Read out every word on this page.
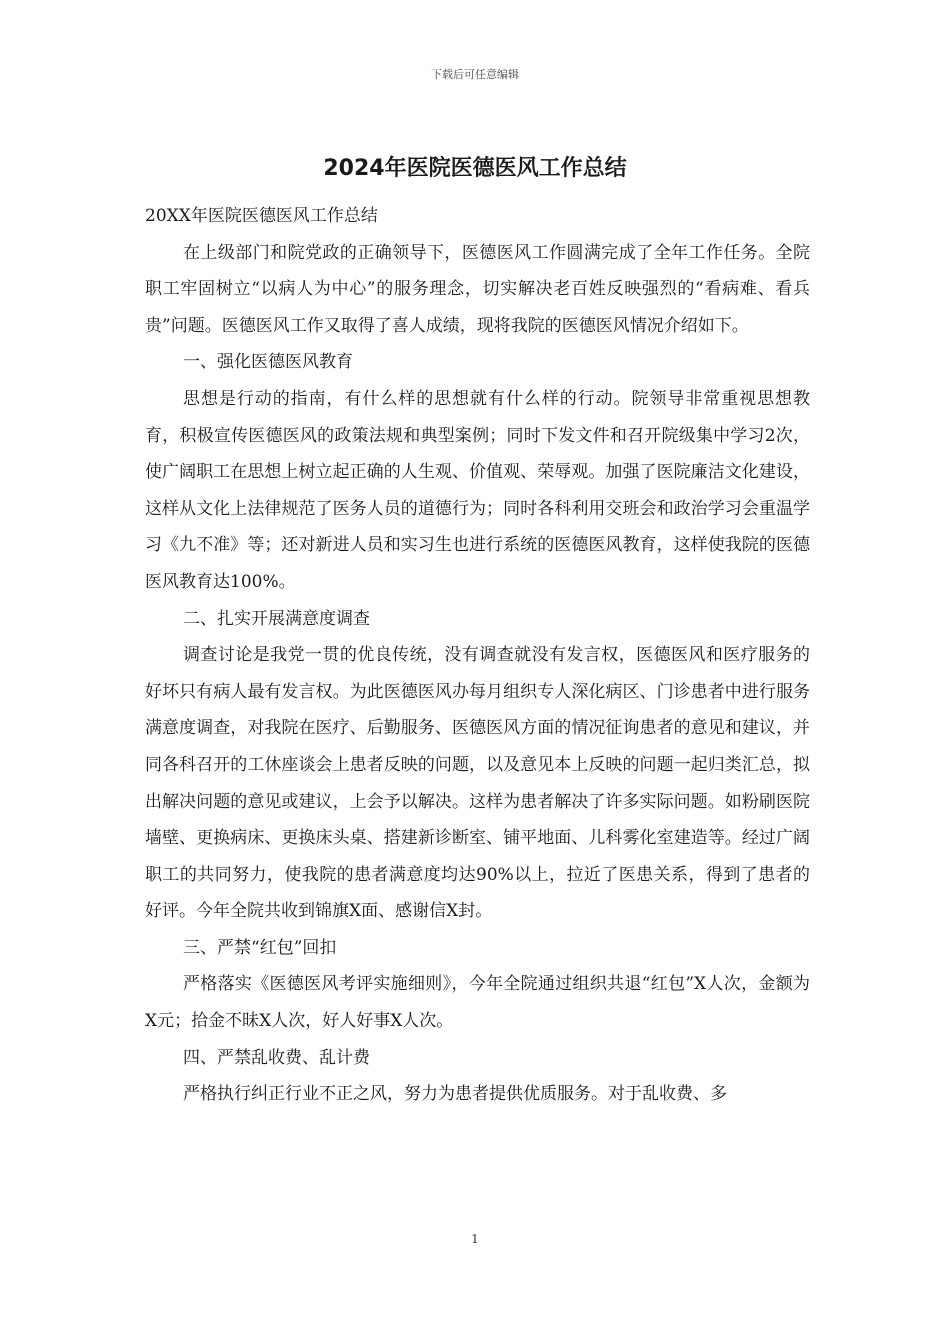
下载后可任意编辑
2024年医院医德医风工作总结

20XX年医院医德医风工作总结

在上级部门和院党政的正确领导下，医德医风工作圆满完成了全年工作任务。全院职工牢固树立“以病人为中心”的服务理念，切实解决老百姓反映强烈的“看病难、看兵贵”问题。医德医风工作又取得了喜人成绩，现将我院的医德医风情况介绍如下。

一、强化医德医风教育

思想是行动的指南，有什么样的思想就有什么样的行动。院领导非常重视思想教育，积极宣传医德医风的政策法规和典型案例；同时下发文件和召开院级集中学习2次，使广阔职工在思想上树立起正确的人生观、价值观、荣辱观。加强了医院廉洁文化建设，这样从文化上法律规范了医务人员的道德行为；同时各科利用交班会和政治学习会重温学习《九不准》等；还对新进人员和实习生也进行系统的医德医风教育，这样使我院的医德医风教育达100%。

二、扎实开展满意度调查

调查讨论是我党一贯的优良传统，没有调查就没有发言权，医德医风和医疗服务的好坏只有病人最有发言权。为此医德医风办每月组织专人深化病区、门诊患者中进行服务满意度调查，对我院在医疗、后勤服务、医德医风方面的情况征询患者的意见和建议，并同各科召开的工休座谈会上患者反映的问题，以及意见本上反映的问题一起归类汇总，拟出解决问题的意见或建议，上会予以解决。这样为患者解决了许多实际问题。如粉刷医院墙壁、更换病床、更换床头桌、搭建新诊断室、铺平地面、儿科雾化室建造等。经过广阔职工的共同努力，使我院的患者满意度均达90%以上，拉近了医患关系，得到了患者的好评。今年全院共收到锦旗X面、感谢信X封。

三、严禁“红包”回扣

严格落实《医德医风考评实施细则》，今年全院通过组织共退“红包”X人次，金额为X元；拾金不昧X人次，好人好事X人次。

四、严禁乱收费、乱计费

严格执行纠正行业不正之风，努力为患者提供优质服务。对于乱收费、多

1
